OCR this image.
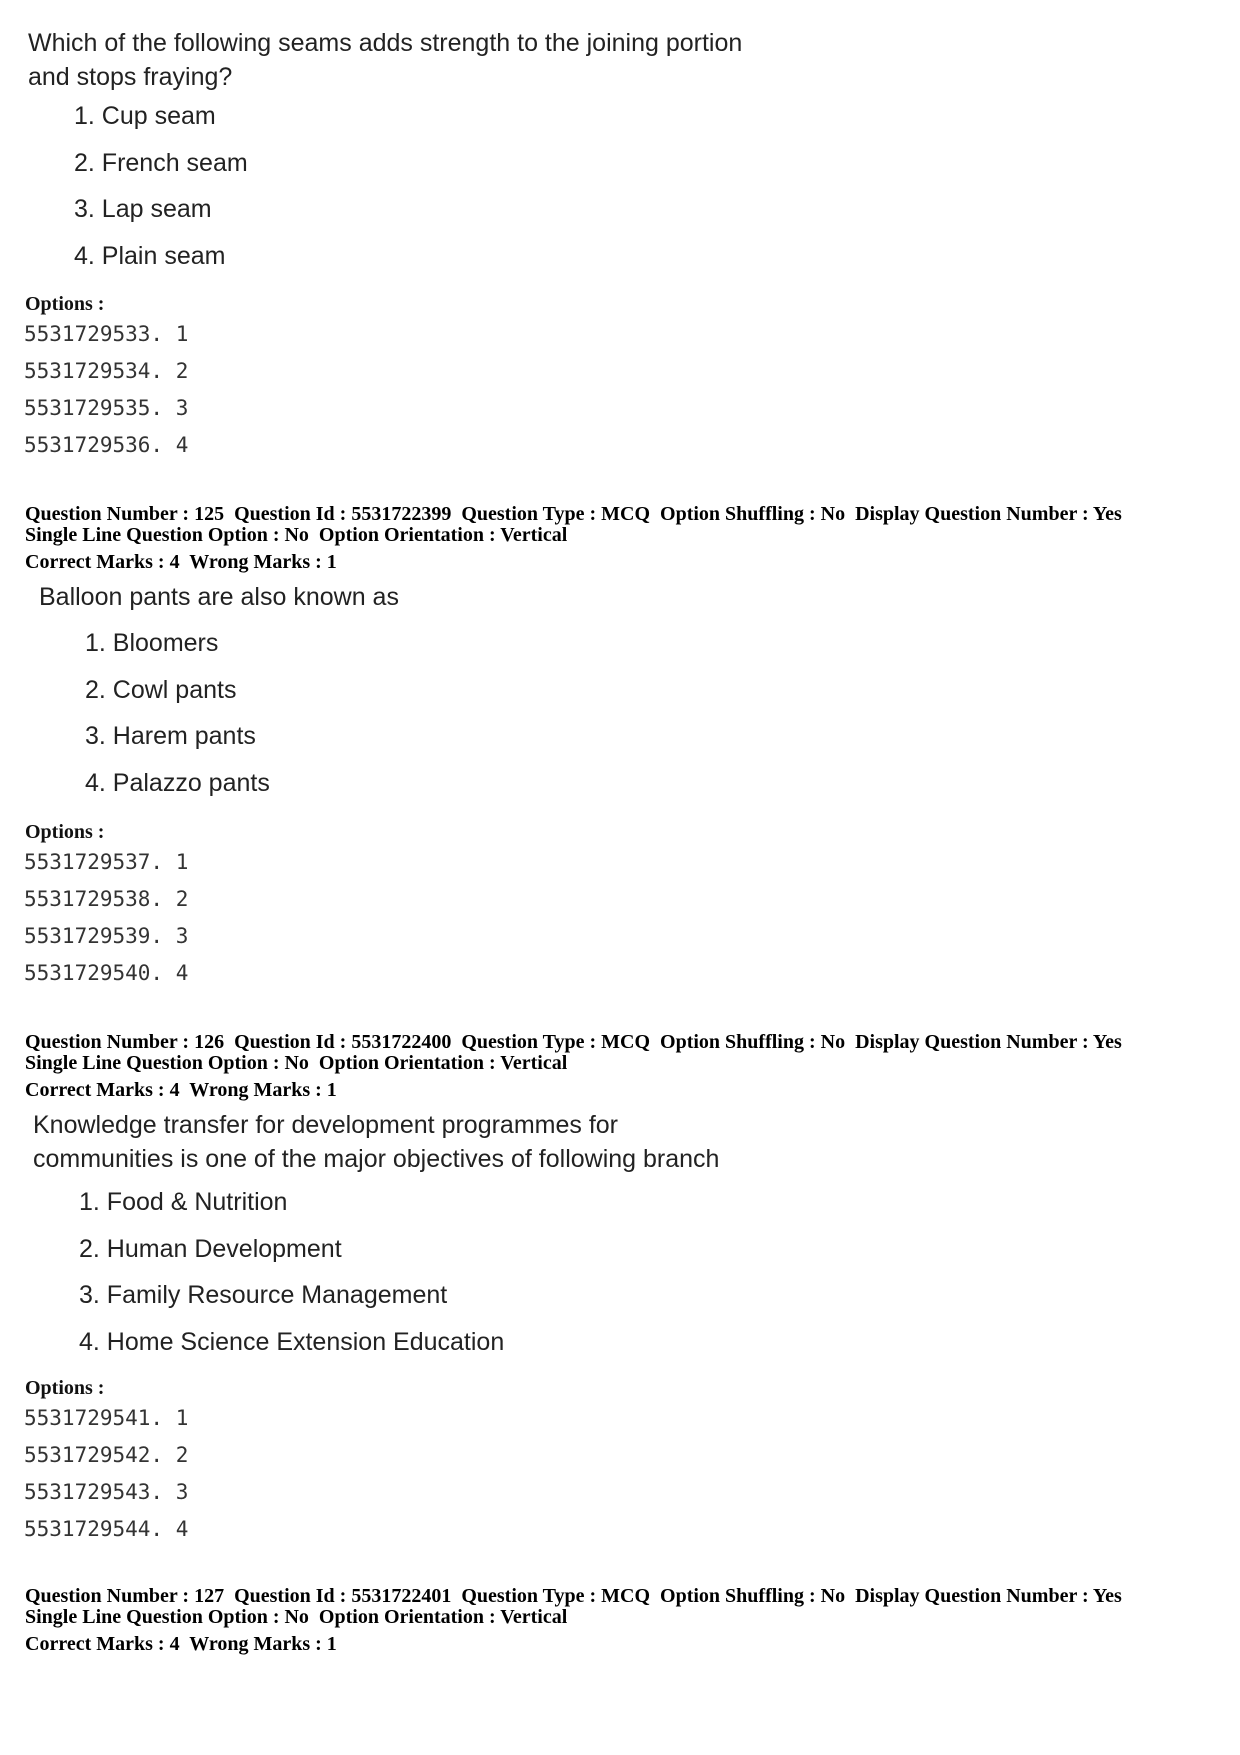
Which of the following seams adds strength to the joining portion

and stops fraying?

1. Cup seam
2. French seam
3. Lap seam
4. Plain seam
Options :
5531729533. 1
5531729534. 2
5531729535. 3
5531729536. 4
Question Number : 125  Question Id : 5531722399  Question Type : MCQ  Option Shuffling : No  Display Question Number : Yes
Single Line Question Option : No  Option Orientation : Vertical
Correct Marks : 4  Wrong Marks : 1

Balloon pants are also known as

1. Bloomers
2. Cowl pants
3. Harem pants
4. Palazzo pants
Options :
5531729537. 1
5531729538. 2
5531729539. 3
5531729540. 4
Question Number : 126  Question Id : 5531722400  Question Type : MCQ  Option Shuffling : No  Display Question Number : Yes
Single Line Question Option : No  Option Orientation : Vertical
Correct Marks : 4  Wrong Marks : 1

Knowledge transfer for development programmes for

communities is one of the major objectives of following branch

1. Food & Nutrition
2. Human Development
3. Family Resource Management
4. Home Science Extension Education
Options :
5531729541. 1
5531729542. 2
5531729543. 3
5531729544. 4
Question Number : 127  Question Id : 5531722401  Question Type : MCQ  Option Shuffling : No  Display Question Number : Yes
Single Line Question Option : No  Option Orientation : Vertical
Correct Marks : 4  Wrong Marks : 1
